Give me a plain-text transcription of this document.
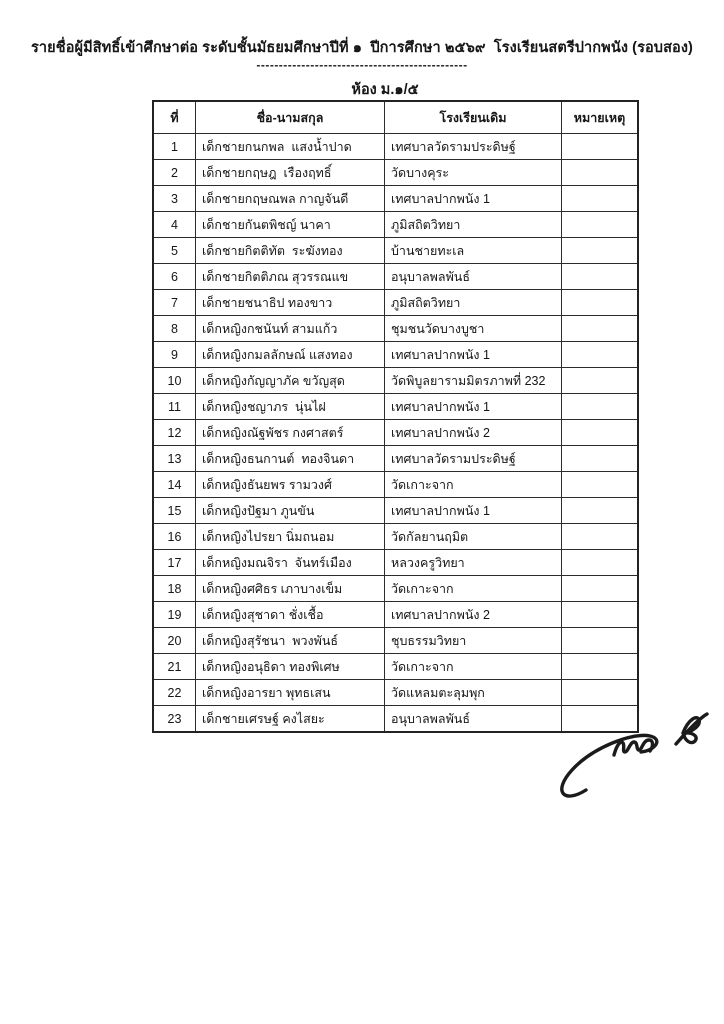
รายชื่อผู้มีสิทธิ์เข้าศึกษาต่อ ระดับชั้นมัธยมศึกษาปีที่ ๑  ปีการศึกษา ๒๕๖๙  โรงเรียนสตรีปากพนัง (รอบสอง)
-----------------------------------------------
ห้อง ม.๑/๕
ที่	ชื่อ-นามสกุล	โรงเรียนเดิม	หมายเหตุ
1	เด็กชายกนกพล  แสงน้ำปาด	เทศบาลวัดรามประดิษฐ์	
2	เด็กชายกฤษฎ  เรืองฤทธิ์	วัดบางคุระ	
3	เด็กชายกฤษณพล กาญจันดี	เทศบาลปากพนัง 1	
4	เด็กชายกันตพิชญ์ นาคา	ภูมิสถิตวิทยา	
5	เด็กชายกิตติทัต  ระฆังทอง	บ้านชายทะเล	
6	เด็กชายกิตติภณ สุวรรณแข	อนุบาลพลพันธ์	
7	เด็กชายชนาธิป ทองขาว	ภูมิสถิตวิทยา	
8	เด็กหญิงกชนันท์ สามแก้ว	ชุมชนวัดบางบูชา	
9	เด็กหญิงกมลลักษณ์ แสงทอง	เทศบาลปากพนัง 1	
10	เด็กหญิงกัญญาภัค ขวัญสุด	วัดพิบูลยารามมิตรภาพที่ 232	
11	เด็กหญิงชญาภร  นุ่นไฝ	เทศบาลปากพนัง 1	
12	เด็กหญิงณัฐพัชร กงศาสตร์	เทศบาลปากพนัง 2	
13	เด็กหญิงธนกานต์  ทองจินดา	เทศบาลวัดรามประดิษฐ์	
14	เด็กหญิงธันยพร รามวงศ์	วัดเกาะจาก	
15	เด็กหญิงปัฐมา ภูนขัน	เทศบาลปากพนัง 1	
16	เด็กหญิงไปรยา นิ่มถนอม	วัดกัลยานฤมิต	
17	เด็กหญิงมณจิรา  จันทร์เมือง	หลวงครูวิทยา	
18	เด็กหญิงศศิธร เภาบางเข็ม	วัดเกาะจาก	
19	เด็กหญิงสุชาดา ชั่งเชื้อ	เทศบาลปากพนัง 2	
20	เด็กหญิงสุรัชนา  พวงพันธ์	ชุบธรรมวิทยา	
21	เด็กหญิงอนุธิดา ทองพิเศษ	วัดเกาะจาก	
22	เด็กหญิงอารยา พุทธเสน	วัดแหลมตะลุมพุก	
23	เด็กชายเศรษฐ์ คงไสยะ	อนุบาลพลพันธ์	
